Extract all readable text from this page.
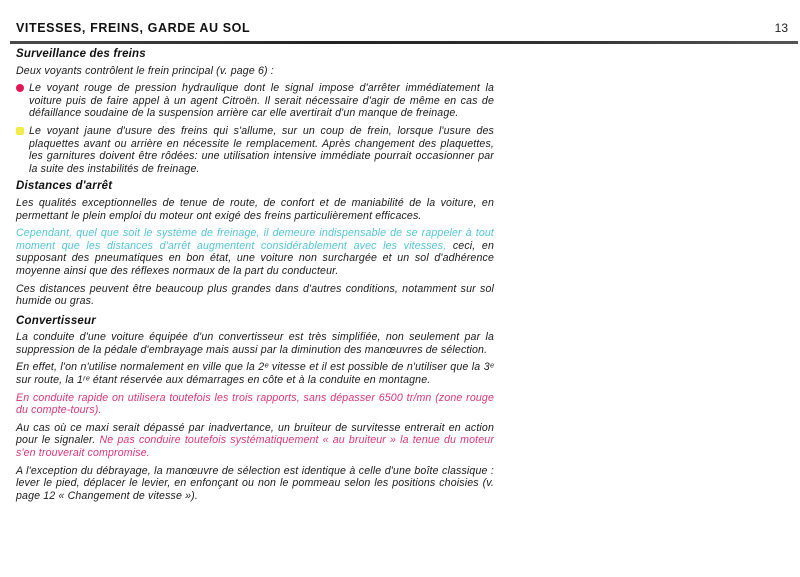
VITESSES, FREINS, GARDE AU SOL	13
Surveillance des freins
Deux voyants contrôlent le frein principal (v. page 6) :
Le voyant rouge de pression hydraulique dont le signal impose d'arrêter immédiatement la voiture puis de faire appel à un agent Citroën. Il serait nécessaire d'agir de même en cas de défaillance soudaine de la suspension arrière car elle avertirait d'un manque de freinage.
Le voyant jaune d'usure des freins qui s'allume, sur un coup de frein, lorsque l'usure des plaquettes avant ou arrière en nécessite le remplacement. Après changement des plaquettes, les garnitures doivent être rôdées: une utilisation intensive immédiate pourrait occasionner par la suite des instabilités de freinage.
Distances d'arrêt
Les qualités exceptionnelles de tenue de route, de confort et de maniabilité de la voiture, en permettant le plein emploi du moteur ont exigé des freins particulièrement efficaces.
Cependant, quel que soit le système de freinage, il demeure indispensable de se rappeler à tout moment que les distances d'arrêt augmentent considérablement avec les vitesses, ceci, en supposant des pneumatiques en bon état, une voiture non surchargée et un sol d'adhérence moyenne ainsi que des réflexes normaux de la part du conducteur.
Ces distances peuvent être beaucoup plus grandes dans d'autres conditions, notamment sur sol humide ou gras.
Convertisseur
La conduite d'une voiture équipée d'un convertisseur est très simplifiée, non seulement par la suppression de la pédale d'embrayage mais aussi par la diminution des manœuvres de sélection.
En effet, l'on n'utilise normalement en ville que la 2ᵉ vitesse et il est possible de n'utiliser que la 3ᵉ sur route, la 1ʳᵉ étant réservée aux démarrages en côte et à la conduite en montagne.
En conduite rapide on utilisera toutefois les trois rapports, sans dépasser 6500 tr/mn (zone rouge du compte-tours).
Au cas où ce maxi serait dépassé par inadvertance, un bruiteur de survitesse entrerait en action pour le signaler. Ne pas conduire toutefois systématiquement « au bruiteur » la tenue du moteur s'en trouverait compromise.
A l'exception du débrayage, la manœuvre de sélection est identique à celle d'une boîte classique : lever le pied, déplacer le levier, en enfonçant ou non le pommeau selon les positions choisies (v. page 12 « Changement de vitesse »).
